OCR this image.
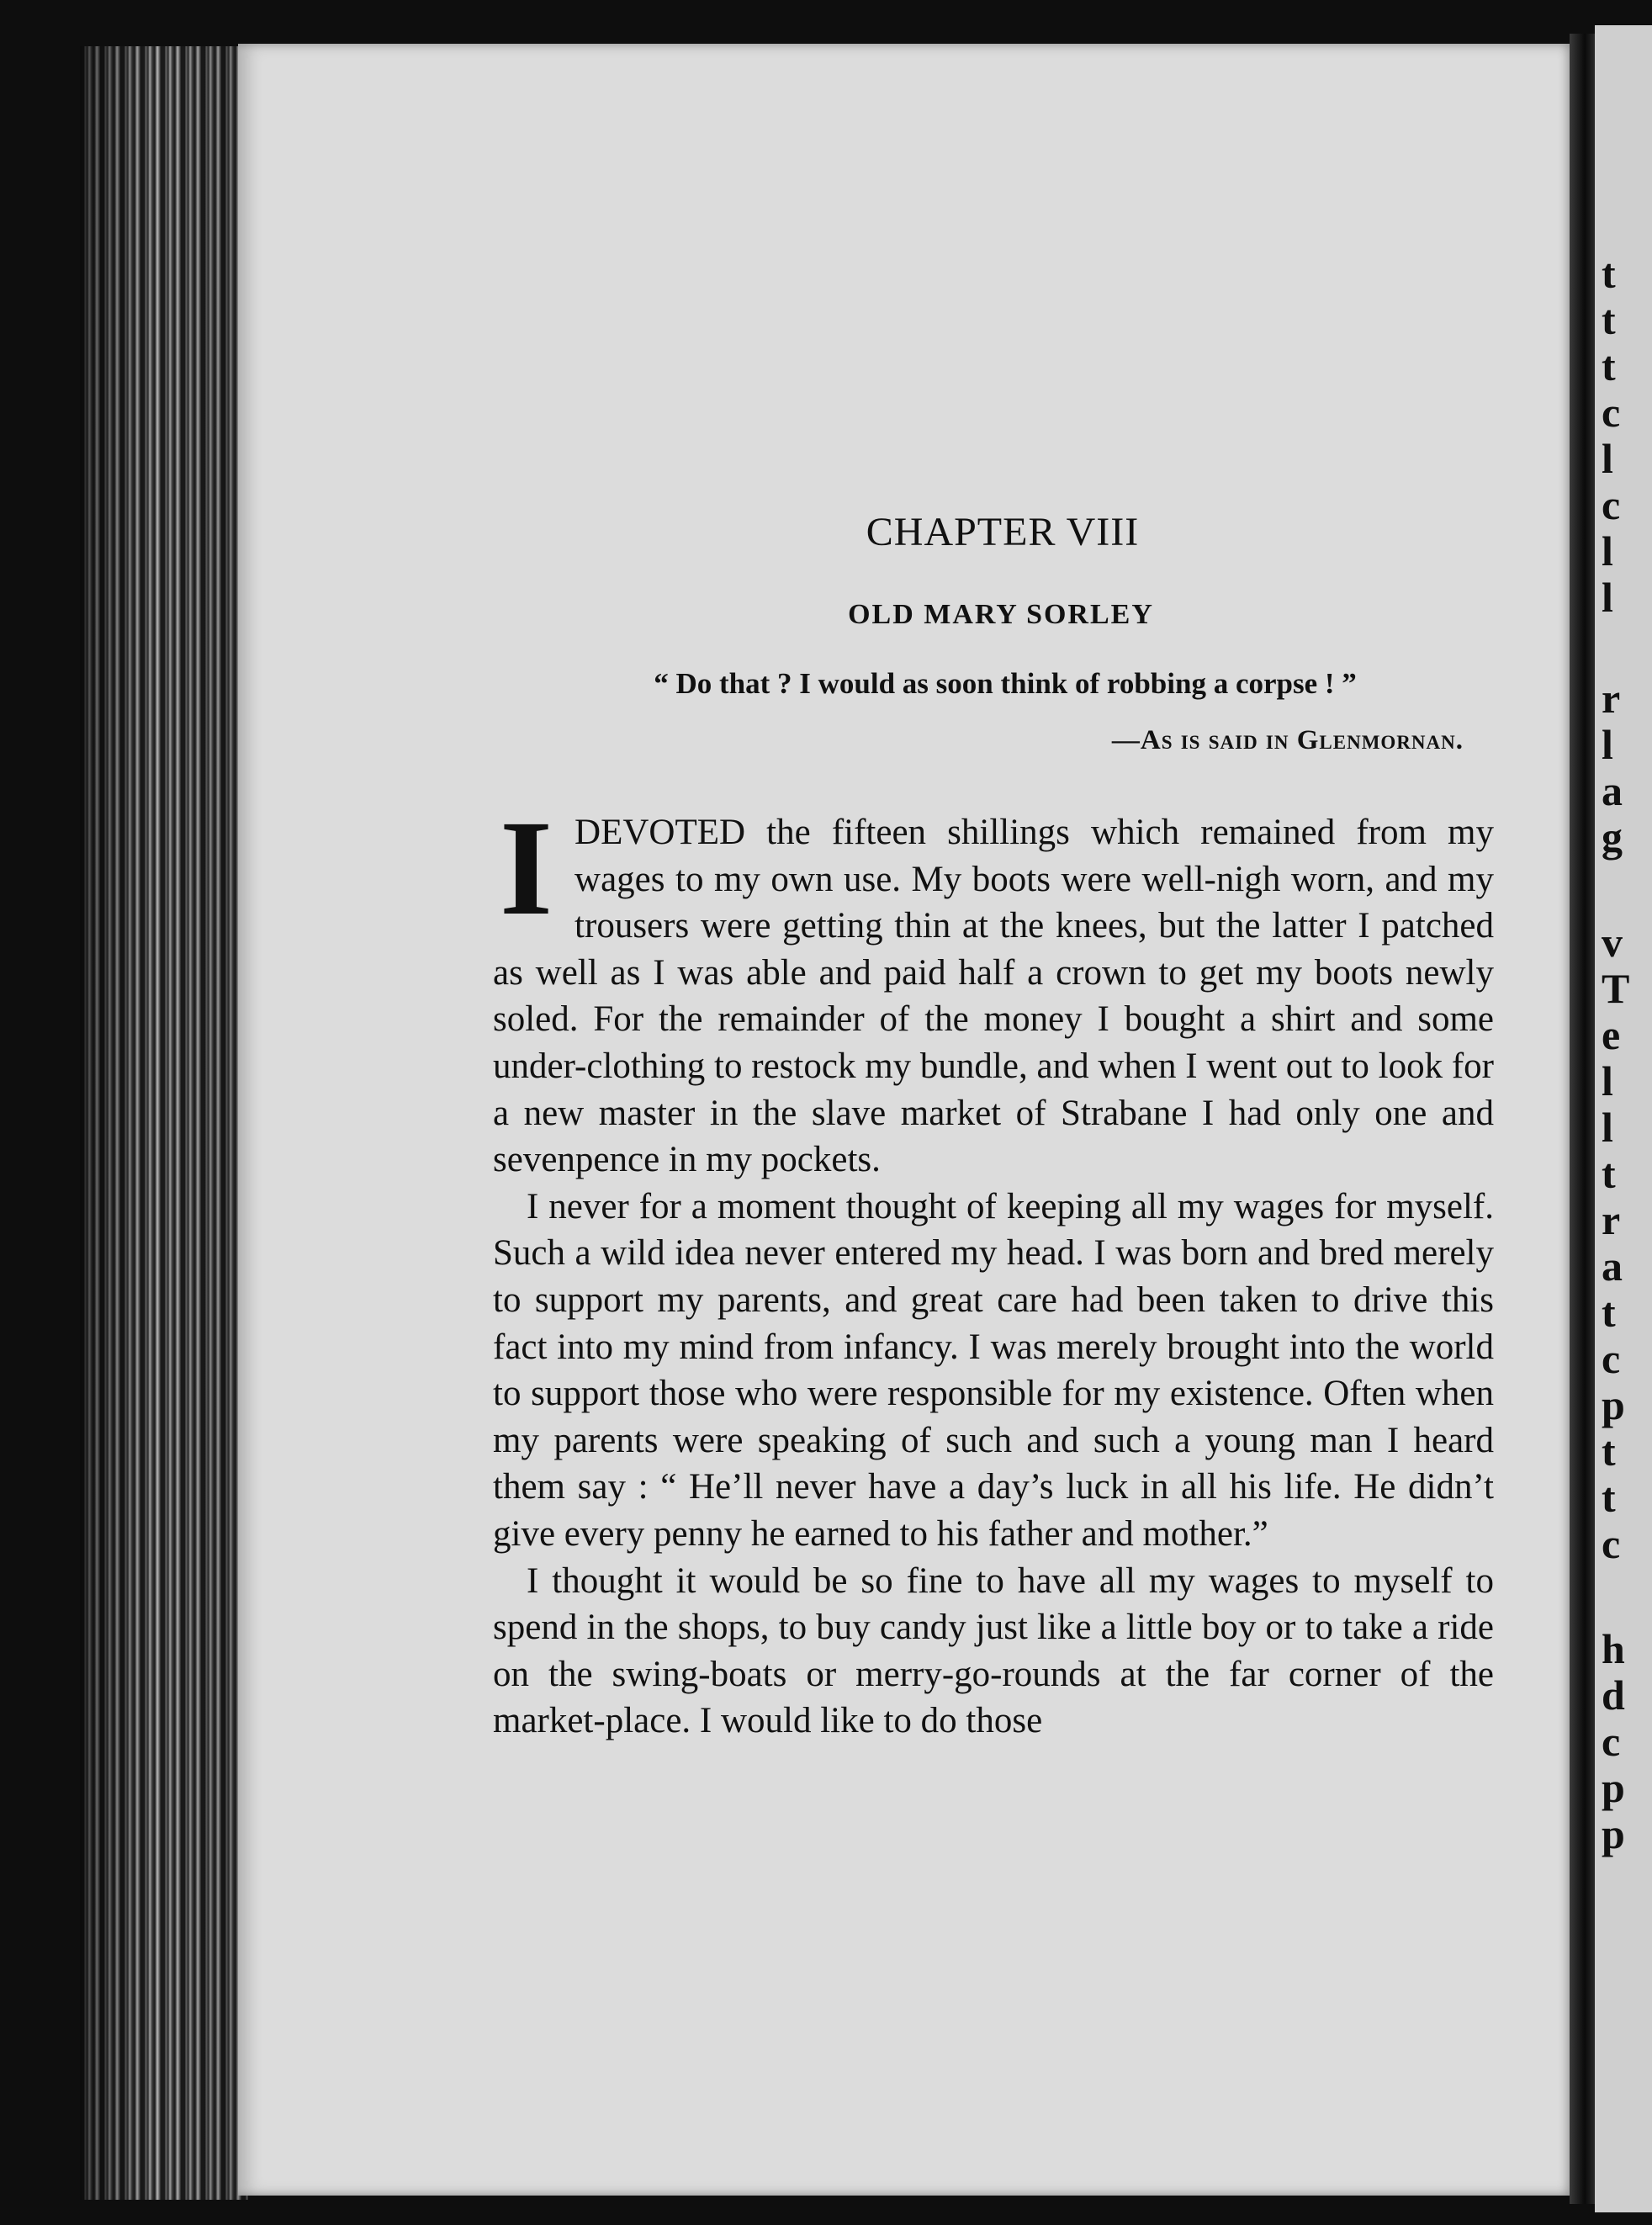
t
t
t
c
l
c
l
l
r
l
a
g
v
T
e
l
l
t
r
a
t
c
p
t
t
c
h
d
c
p
p
CHAPTER VIII
OLD MARY SORLEY
“ Do that ? I would as soon think of robbing a corpse ! ”
—As is said in Glenmornan.

IDEVOTED the fifteen shillings which remained from my wages to my own use. My boots were well-nigh worn, and my trousers were getting thin at the knees, but the latter I patched as well as I was able and paid half a crown to get my boots newly soled. For the remainder of the money I bought a shirt and some under-clothing to restock my bundle, and when I went out to look for a new master in the slave market of Strabane I had only one and sevenpence in my pockets.

I never for a moment thought of keeping all my wages for myself. Such a wild idea never entered my head. I was born and bred merely to support my parents, and great care had been taken to drive this fact into my mind from infancy. I was merely brought into the world to support those who were responsible for my existence. Often when my parents were speaking of such and such a young man I heard them say : “ He’ll never have a day’s luck in all his life. He didn’t give every penny he earned to his father and mother.”

I thought it would be so fine to have all my wages to myself to spend in the shops, to buy candy just like a little boy or to take a ride on the swing-boats or merry-go-rounds at the far corner of the market-place. I would like to do those
